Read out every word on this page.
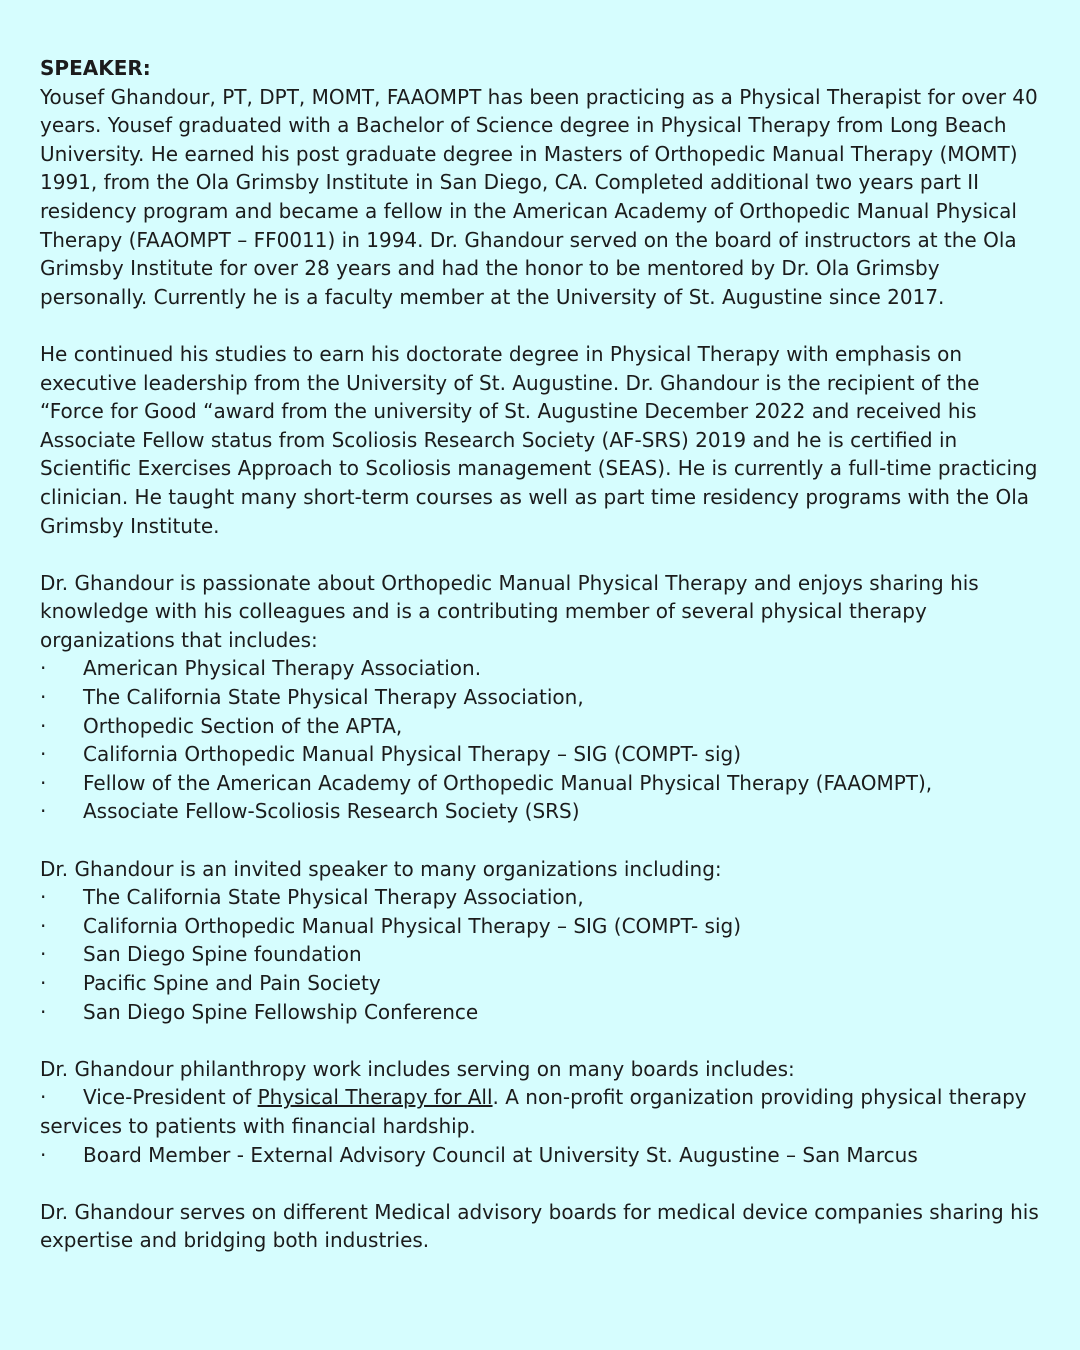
SPEAKER:

Yousef Ghandour, PT, DPT, MOMT, FAAOMPT has been practicing as a Physical Therapist for over 40 years. Yousef graduated with a Bachelor of Science degree in Physical Therapy from Long Beach University. He earned his post graduate degree in Masters of Orthopedic Manual Therapy (MOMT) 1991, from the Ola Grimsby Institute in San Diego, CA. Completed additional two years part II residency program and became a fellow in the American Academy of Orthopedic Manual Physical Therapy (FAAOMPT – FF0011) in 1994. Dr. Ghandour served on the board of instructors at the Ola Grimsby Institute for over 28 years and had the honor to be mentored by Dr. Ola Grimsby personally. Currently he is a faculty member at the University of St. Augustine since 2017.

He continued his studies to earn his doctorate degree in Physical Therapy with emphasis on executive leadership from the University of St. Augustine. Dr. Ghandour is the recipient of the “Force for Good “award from the university of St. Augustine December 2022 and received his Associate Fellow status from Scoliosis Research Society (AF-SRS) 2019 and he is certified in Scientific Exercises Approach to Scoliosis management (SEAS). He is currently a full-time practicing clinician. He taught many short-term courses as well as part time residency programs with the Ola Grimsby Institute.

Dr. Ghandour is passionate about Orthopedic Manual Physical Therapy and enjoys sharing his knowledge with his colleagues and is a contributing member of several physical therapy organizations that includes:

· American Physical Therapy Association.
· The California State Physical Therapy Association,
· Orthopedic Section of the APTA,
· California Orthopedic Manual Physical Therapy – SIG (COMPT- sig)
· Fellow of the American Academy of Orthopedic Manual Physical Therapy (FAAOMPT),
· Associate Fellow-Scoliosis Research Society (SRS)

Dr. Ghandour is an invited speaker to many organizations including:

· The California State Physical Therapy Association,
· California Orthopedic Manual Physical Therapy – SIG (COMPT- sig)
· San Diego Spine foundation
· Pacific Spine and Pain Society
· San Diego Spine Fellowship Conference

Dr. Ghandour philanthropy work includes serving on many boards includes:

· Vice-President of Physical Therapy for All. A non-profit organization providing physical therapy services to patients with financial hardship.
· Board Member - External Advisory Council at University St. Augustine – San Marcus

Dr. Ghandour serves on different Medical advisory boards for medical device companies sharing his expertise and bridging both industries.
